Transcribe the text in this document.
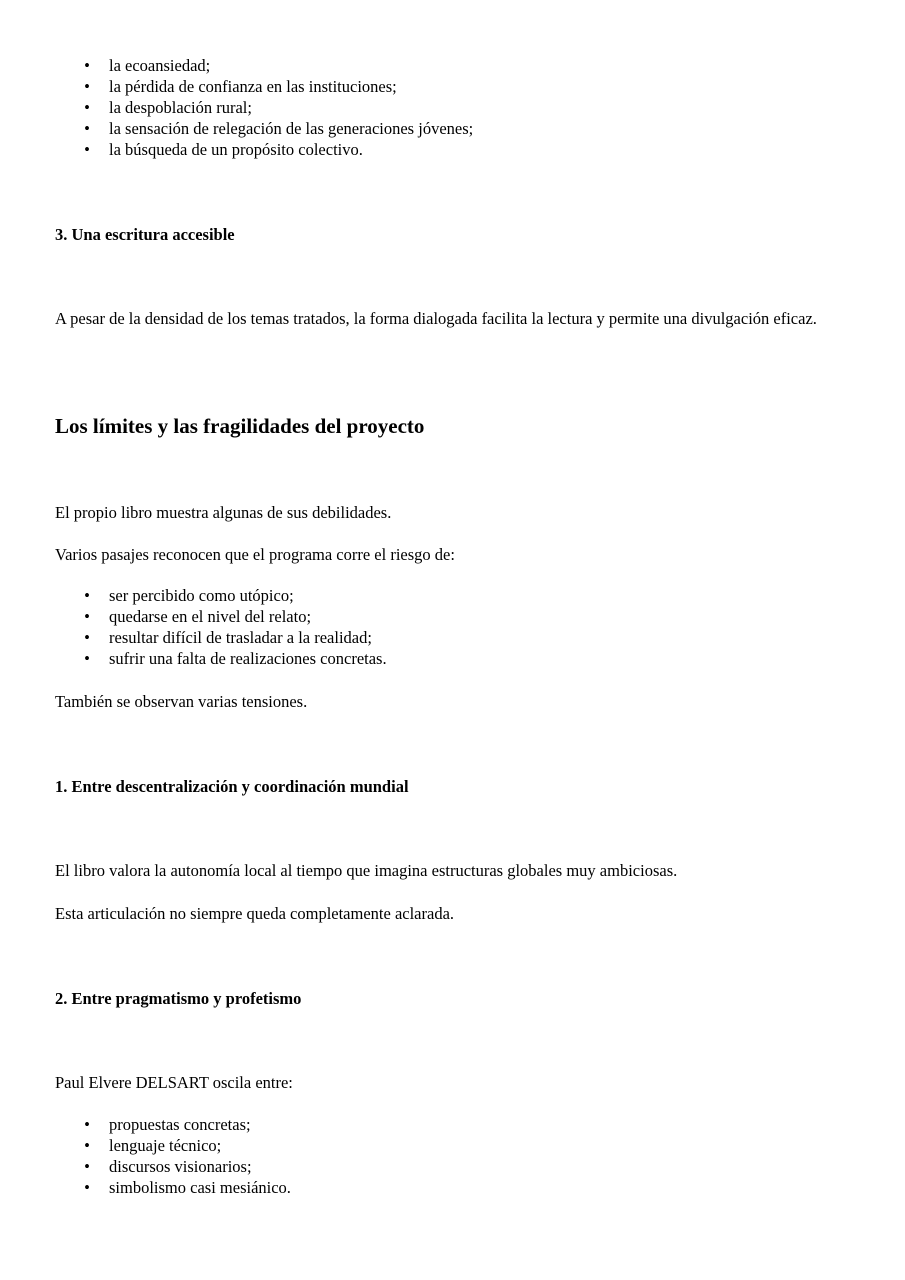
• la ecoansiedad;
• la pérdida de confianza en las instituciones;
• la despoblación rural;
• la sensación de relegación de las generaciones jóvenes;
• la búsqueda de un propósito colectivo.
3. Una escritura accesible
A pesar de la densidad de los temas tratados, la forma dialogada facilita la lectura y permite una divulgación eficaz.
Los límites y las fragilidades del proyecto
El propio libro muestra algunas de sus debilidades.
Varios pasajes reconocen que el programa corre el riesgo de:
• ser percibido como utópico;
• quedarse en el nivel del relato;
• resultar difícil de trasladar a la realidad;
• sufrir una falta de realizaciones concretas.
También se observan varias tensiones.
1. Entre descentralización y coordinación mundial
El libro valora la autonomía local al tiempo que imagina estructuras globales muy ambiciosas.
Esta articulación no siempre queda completamente aclarada.
2. Entre pragmatismo y profetismo
Paul Elvere DELSART oscila entre:
• propuestas concretas;
• lenguaje técnico;
• discursos visionarios;
• simbolismo casi mesiánico.
